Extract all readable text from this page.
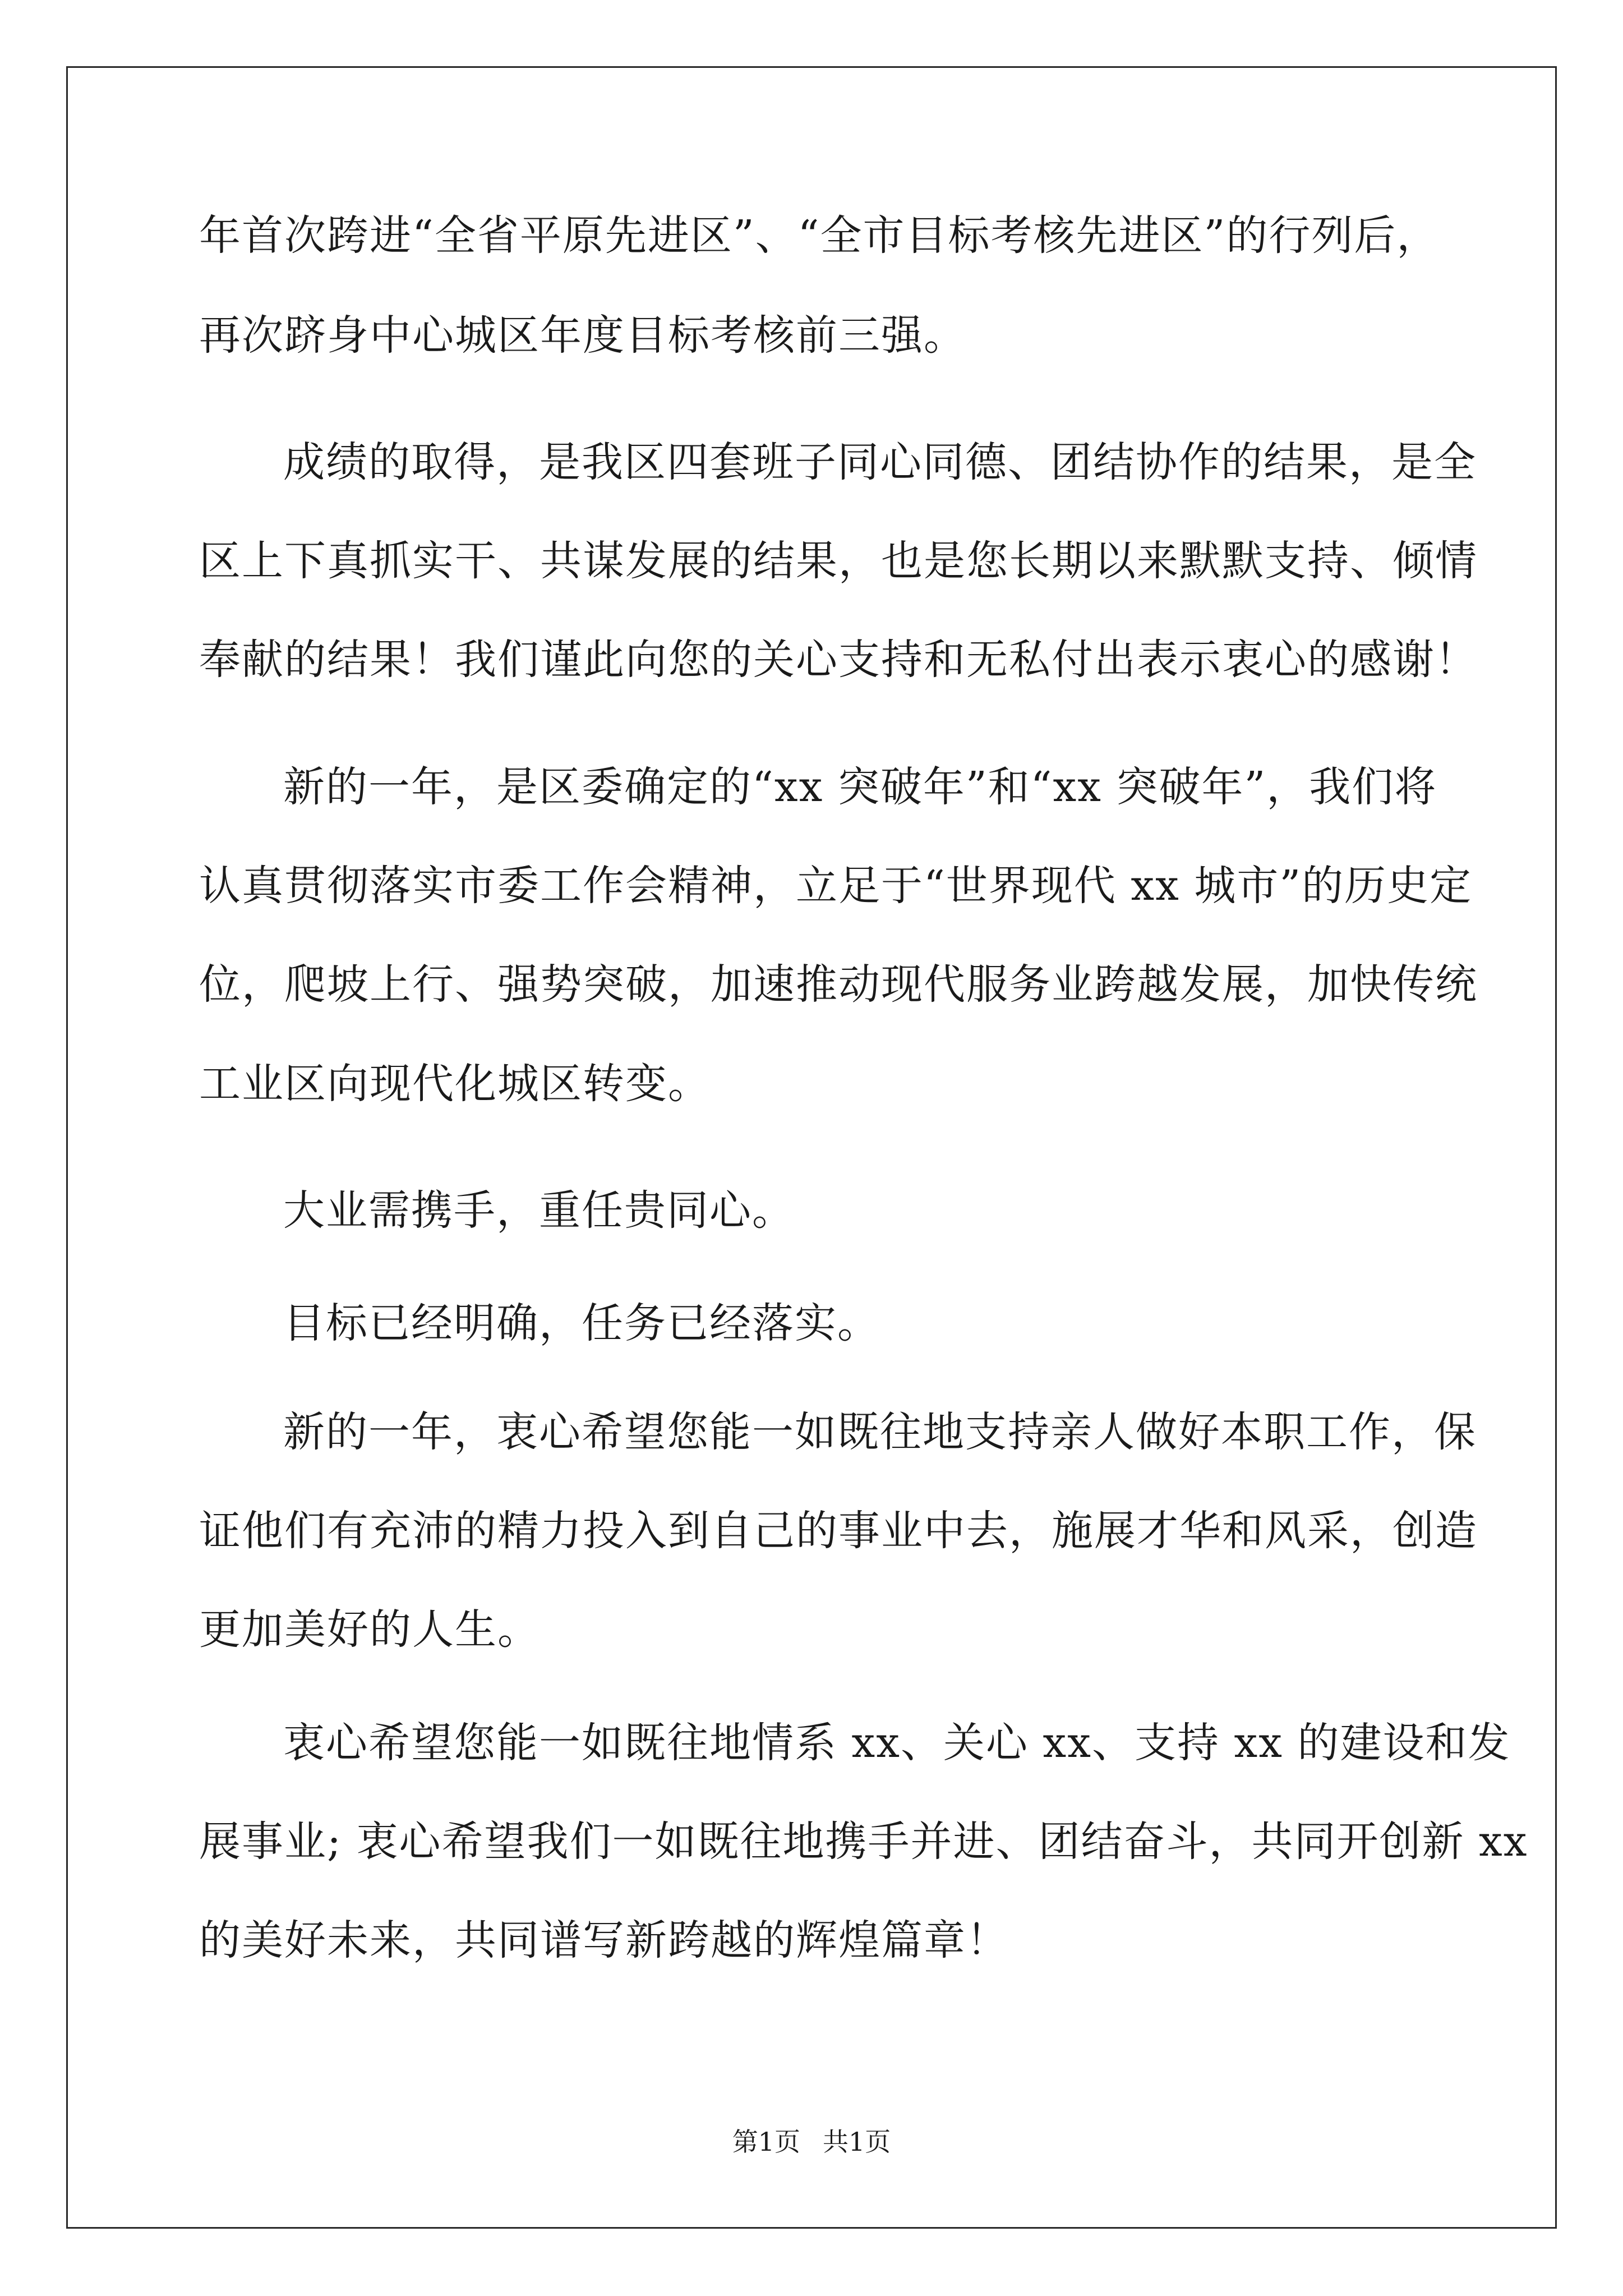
年首次跨进“全省平原先进区”、“全市目标考核先进区”的行列后，
再次跻身中心城区年度目标考核前三强。
成绩的取得，是我区四套班子同心同德、团结协作的结果，是全
区上下真抓实干、共谋发展的结果，也是您长期以来默默支持、倾情
奉献的结果！我们谨此向您的关心支持和无私付出表示衷心的感谢！
新的一年，是区委确定的“xx 突破年”和“xx 突破年”，我们将
认真贯彻落实市委工作会精神，立足于“世界现代 xx 城市”的历史定
位，爬坡上行、强势突破，加速推动现代服务业跨越发展，加快传统
工业区向现代化城区转变。
大业需携手，重任贵同心。
目标已经明确，任务已经落实。
新的一年，衷心希望您能一如既往地支持亲人做好本职工作，保
证他们有充沛的精力投入到自己的事业中去，施展才华和风采，创造
更加美好的人生。
衷心希望您能一如既往地情系 xx、关心 xx、支持 xx 的建设和发
展事业; 衷心希望我们一如既往地携手并进、团结奋斗，共同开创新 xx
的美好未来，共同谱写新跨越的辉煌篇章！
第1页 共1页
